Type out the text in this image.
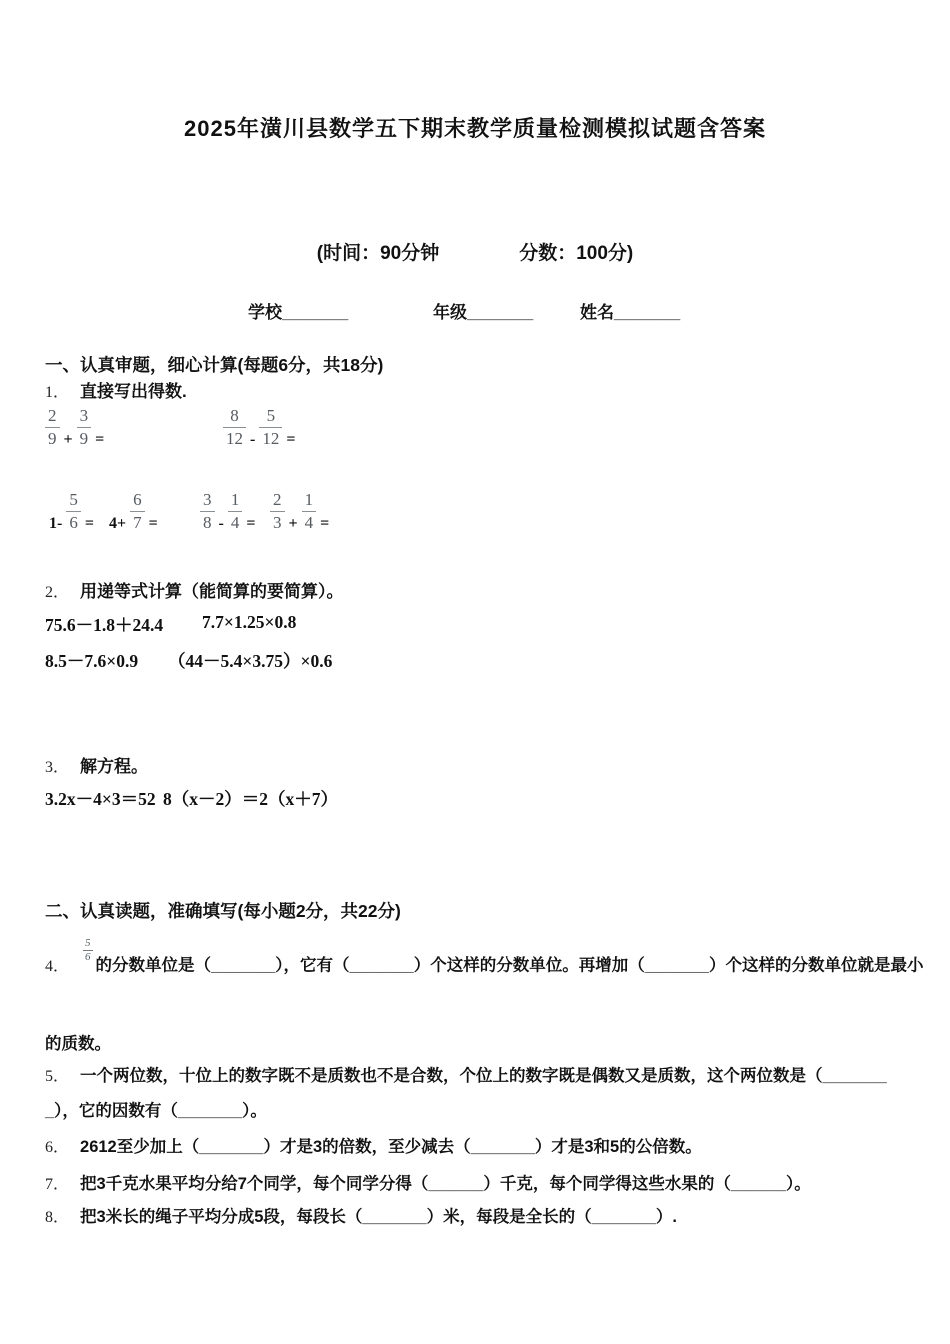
2025年潢川县数学五下期末教学质量检测模拟试题含答案
(时间：90分钟	分数：100分)
学校_______	年级_______	姓名_______
一、认真审题，细心计算(每题6分，共18分)
1． 直接写出得数.
$\frac{2}{9} + \frac{3}{9}$ =	$\frac{8}{12} - \frac{5}{12}$ =
$1- \frac{5}{6} = 4+ \frac{6}{7} = \frac{3}{8} - \frac{1}{4} = \frac{2}{3} + \frac{1}{4}$ =
2． 用递等式计算（能简算的要简算）。
75.6－1.8＋24.4 7.7×1.25×0.8
8.5－7.6×0.9 （44－5.4×3.75）×0.6
3． 解方程。
3.2x－4×3＝52 8（x－2）＝2（x＋7）
二、认真读题，准确填写(每小题2分，共22分)
4．
$\frac{5}{6}$
的分数单位是（_______），它有（_______）个这样的分数单位。再增加（_______）个这样的分数单位就是最小
的质数。
5． 一个两位数，十位上的数字既不是质数也不是合数，个位上的数字既是偶数又是质数，这个两位数是（_______
_），它的因数有（_______）。
6． 2612至少加上（_______）才是3的倍数，至少减去（_______）才是3和5的公倍数。
7． 把3千克水果平均分给7个同学，每个同学分得（______）千克，每个同学得这些水果的（______）。
8． 把3米长的绳子平均分成5段，每段长（_______）米，每段是全长的（_______）.
